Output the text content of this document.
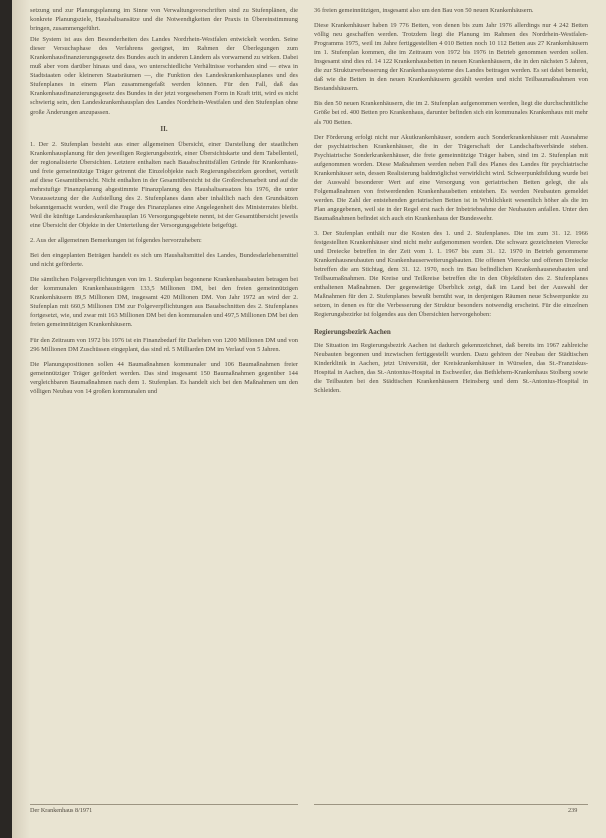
setzung und zur Planungsplanung im Sinne von Verwaltungsvorschriften sind zu Stufenplänen, die konkrete Planungsziele, Haushaltsansätze und die Notwendigkeiten der Praxis in Übereinstimmung bringen, zusammengeführt.

Die System ist aus den Besonderheiten des Landes Nordrhein-Westfalen entwickelt worden. Seine dieser Versuchsphase des Verfahrens geeignet, im Rahmen der Überlegungen zum Krankenhausfinanzierungsgesetz des Bundes auch in anderen Ländern als vorwarnend zu wirken. Dabei muß aber vom darüber hinaus und dass, wo unterschiedliche Verhältnisse vorhanden sind — etwa in Stadtstaaten oder kleineren Staatsräumen —, die Funktion des Landeskrankenhausplanes und des Stufenplanes in einem Plan zusammengefaßt werden können. Für den Fall, daß das Krankenhausfinanzierungsgesetz des Bundes in der jetzt vorgesehenen Form in Kraft tritt, wird es nicht schwierig sein, den Landeskrankenhausplan des Landes Nordrhein-Westfalen und den Stufenplan ohne große Änderungen anzupassen.

II.

1. Der 2. Stufenplan besteht aus einer allgemeinen Übersicht, einer Darstellung der staatlichen Krankenhausplanung für den jeweiligen Regierungsbezirk, einer Übersichtskarte und dem Tabellenteil, der regionalisierte Übersichten. Letztere enthalten nach Bauabschnittsfällen Gründe für Krankenhaus- und freie gemeinnützige Träger getrennt die Einzelobjekte nach Regierungsbezirken geordnet, verteilt auf diese Gesamtübersicht. Nicht enthalten in der Gesamtübersicht ist die Großrechenarbeit und auf die mehrstufige Finanzplanung abgestimmte Finanzplanung des Haushaltsansatzes bis 1976, die unter Voraussetzung der die Aufstellung des 2. Stufenplanes dann aber inhaltlich nach den Grundsätzen bekanntgemacht wurden, weil die Frage des Finanzplanes eine Angelegenheit des Ministerrates bleibt. Weil die künftige Landeskrankenhausplan 16 Versorgungsgebiete nennt, ist der Gesamtübersicht jeweils eine Übersicht der Objekte in der Unterteilung der Versorgungsgebiete beigefügt.

2. Aus der allgemeinen Bemerkungen ist folgendes hervorzuheben:

Bei den eingeplanten Beträgen handelt es sich um Haushaltsmittel des Landes, Bundesdarlehensmittel und nicht geförderte.

Die sämtlichen Folgeverpflichtungen von im 1. Stufenplan begonnene Krankenhausbauten betragen bei der kommunalen Krankenhausträgern 133,5 Millionen DM, bei den freien gemeinnützigen Krankenhäusern 89,5 Millionen DM, insgesamt 420 Millionen DM. Von Jahr 1972 an wird der 2. Stufenplan mit 660,5 Millionen DM zur Folgeverpflichtungen aus Bauabschnitten des 2. Stufenplanes fortgesetzt, wie, und zwar mit 163 Millionen DM bei den kommunalen und 497,5 Millionen DM bei den freien gemeinnützigen Krankenhäusern.

Für den Zeitraum von 1972 bis 1976 ist ein Finanzbedarf für Darlehen von 1200 Millionen DM und von 296 Millionen DM Zuschüssen eingeplant, das sind rd. 5 Milliarden DM im Verlauf von 5 Jahren.

Die Planungspositionen sollen 44 Baumaßnahmen kommunaler und 106 Baumaßnahmen freier gemeinnütziger Träger gefördert werden. Das sind insgesamt 150 Baumaßnahmen gegenüber 144 vergleichbaren Baumaßnahmen nach dem 1. Stufenplan. Es handelt sich bei den Maßnahmen um den völligen Neubau von 14 großen kommunalen und

36 freien gemeinnützigen, insgesamt also um den Bau von 50 neuen Krankenhäusern.

Diese Krankenhäuser haben 19 776 Betten, von denen bis zum Jahr 1976 allerdings nur 4 242 Betten völlig neu geschaffen werden. Trotzdem liegt die Planung im Rahmen des Nordrhein-Westfalen-Programms 1975, weil im Jahre fertiggestellten 4 010 Betten noch 10 112 Betten aus 27 Krankenhäusern im 1. Stufenplan kommen, die im Zeitraum von 1972 bis 1976 in Betrieb genommen werden sollen. Insgesamt sind dies rd. 14 122 Krankenhausbetten in neuen Krankenhäusern, die in den nächsten 5 Jahren, die zur Strukturverbesserung der Krankenhaussysteme des Landes beitragen werden. Es sei dabei bemerkt, daß wie die Betten in den neuen Krankenhäusern gezählt werden und nicht Teilbaumaßnahmen von Bestandshäusern.

Bis den 50 neuen Krankenhäusern, die im 2. Stufenplan aufgenommen werden, liegt die durchschnittliche Größe bei rd. 400 Betten pro Krankenhaus, darunter befinden sich ein kommunales Krankenhaus mit mehr als 700 Betten.

Der Förderung erfolgt nicht nur Akutkrankenhäuser, sondern auch Sonderkrankenhäuser mit Ausnahme der psychiatrischen Krankenhäuser, die in der Trägerschaft der Landschaftsverbände stehen. Psychiatrische Sonderkrankenhäuser, die freie gemeinnützige Träger haben, sind im 2. Stufenplan mit aufgenommen worden. Diese Maßnahmen werden neben Fall des Planes des Landes für psychiatrische Krankenhäuser sein, dessen Realisierung baldmöglichst verwirklicht wird. Schwerpunktbildung wurde bei der Auswahl besonderer Wert auf eine Versorgung von geriatrischen Betten gelegt, die als Folgemaßnahmen von freiwerdenden Krankenhausbetten entstehen. Es werden Neubauten gemeldet werden. Die Zahl der entstehenden geriatrischen Betten ist in Wirklichkeit wesentlich höher als die im Plan angegebenen, weil sie in der Regel erst nach der Inbetriebnahme der Neubauten anfallen. Unter den Baumaßnahmen befindet sich auch ein Krankenhaus der Bundeswehr.

3. Der Stufenplan enthält nur die Kosten des 1. und 2. Stufenplanes. Die im zum 31. 12. 1966 festgestellten Krankenhäuser sind nicht mehr aufgenommen worden. Die schwarz gezeichneten Vierecke und Dreiecke betreffen in der Zeit vom 1. 1. 1967 bis zum 31. 12. 1970 in Betrieb genommene Krankenhausneubauten und Krankenhauserweiterungsbauten. Die offenen Vierecke und offenen Dreiecke betreffen die am Stichtag, dem 31. 12. 1970, noch im Bau befindlichen Krankenhausneubauten und Teilbaumaßnahmen. Die Kreise und Teilkreise betreffen die in den Objektlisten des 2. Stufenplanes enthaltenen Maßnahmen. Der gegenwärtige Überblick zeigt, daß im Land bei der Auswahl der Maßnahmen für den 2. Stufenplanes bewußt bemüht war, in denjenigen Räumen neue Schwerpunkte zu setzen, in denen es für die Verbesserung der Struktur besonders notwendig erscheint. Für die einzelnen Regierungsbezirke ist folgendes aus den Übersichten hervorgehoben:

Regierungsbezirk Aachen

Die Situation im Regierungsbezirk Aachen ist dadurch gekennzeichnet, daß bereits im 1967 zahlreiche Neubauten begonnen und inzwischen fertiggestellt wurden. Dazu gehören der Neubau der Städtischen Kinderklinik in Aachen, jetzt Universität, der Kreiskrankenhäuser in Würselen, das St.-Franziskus-Hospital in Aachen, das St.-Antonius-Hospital in Eschweiler, das Bethlehem-Krankenhaus Stolberg sowie die Teilbauten bei den Städtischen Krankenhäusern Heinsberg und dem St.-Antonius-Hospital in Schleiden.

Der Krankenhaus 8/1971	239
